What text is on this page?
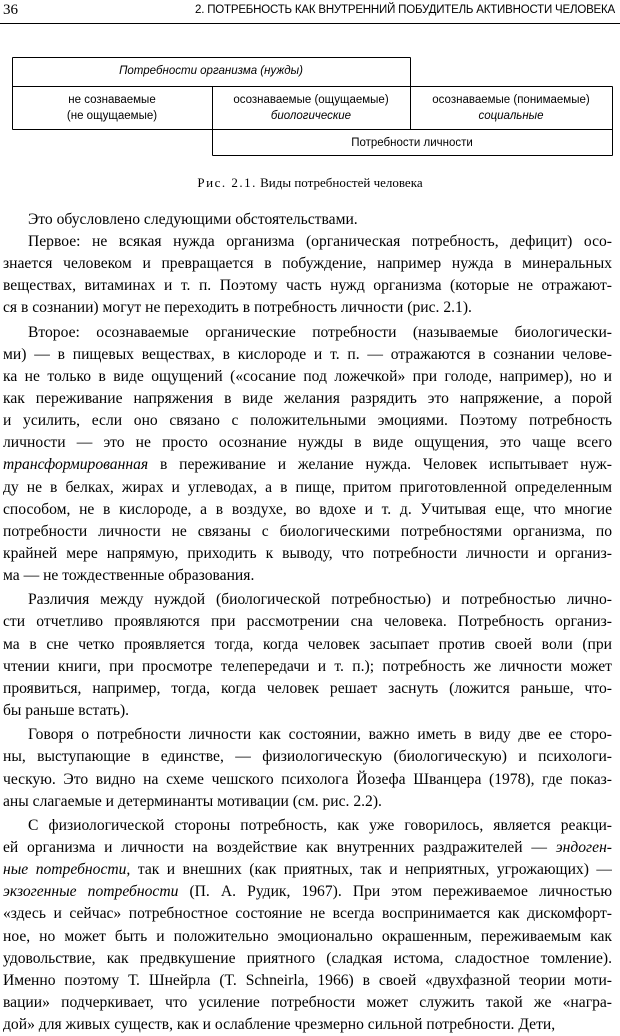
36	2. ПОТРЕБНОСТЬ КАК ВНУТРЕННИЙ ПОБУДИТЕЛЬ АКТИВНОСТИ ЧЕЛОВЕКА
Потребности организма (нужды)
не сознаваемые
(не ощущаемые)
осознаваемые (ощущаемые)
биологические
осознаваемые (понимаемые)
социальные
Потребности личности
Рис. 2.1. Виды потребностей человека
Это обусловлено следующими обстоятельствами.
Первое: не всякая нужда организма (органическая потребность, дефицит) осо-
знается человеком и превращается в побуждение, например нужда в минеральных
веществах, витаминах и т. п. Поэтому часть нужд организма (которые не отражают-
ся в сознании) могут не переходить в потребность личности (рис. 2.1).
Второе: осознаваемые органические потребности (называемые биологически-
ми) — в пищевых веществах, в кислороде и т. п. — отражаются в сознании челове-
ка не только в виде ощущений («сосание под ложечкой» при голоде, например), но и
как переживание напряжения в виде желания разрядить это напряжение, а порой
и усилить, если оно связано с положительными эмоциями. Поэтому потребность
личности — это не просто осознание нужды в виде ощущения, это чаще всего
трансформированная в переживание и желание нужда. Человек испытывает нуж-
ду не в белках, жирах и углеводах, а в пище, притом приготовленной определенным
способом, не в кислороде, а в воздухе, во вдохе и т. д. Учитывая еще, что многие
потребности личности не связаны с биологическими потребностями организма, по
крайней мере напрямую, приходить к выводу, что потребности личности и организ-
ма — не тождественные образования.
Различия между нуждой (биологической потребностью) и потребностью лично-
сти отчетливо проявляются при рассмотрении сна человека. Потребность организ-
ма в сне четко проявляется тогда, когда человек засыпает против своей воли (при
чтении книги, при просмотре телепередачи и т. п.); потребность же личности может
проявиться, например, тогда, когда человек решает заснуть (ложится раньше, что-
бы раньше встать).
Говоря о потребности личности как состоянии, важно иметь в виду две ее сторо-
ны, выступающие в единстве, — физиологическую (биологическую) и психологи-
ческую. Это видно на схеме чешского психолога Йозефа Шванцера (1978), где показ-
аны слагаемые и детерминанты мотивации (см. рис. 2.2).
С физиологической стороны потребность, как уже говорилось, является реакци-
ей организма и личности на воздействие как внутренних раздражителей — эндоген-
ные потребности, так и внешних (как приятных, так и неприятных, угрожающих) —
экзогенные потребности (П. А. Рудик, 1967). При этом переживаемое личностью
«здесь и сейчас» потребностное состояние не всегда воспринимается как дискомфорт-
ное, но может быть и положительно эмоционально окрашенным, переживаемым как
удовольствие, как предвкушение приятного (сладкая истома, сладостное томление).
Именно поэтому Т. Шнейрла (T. Schneirla, 1966) в своей «двухфазной теории моти-
вации» подчеркивает, что усиление потребности может служить такой же «награ-
дой» для живых существ, как и ослабление чрезмерно сильной потребности. Дети,
